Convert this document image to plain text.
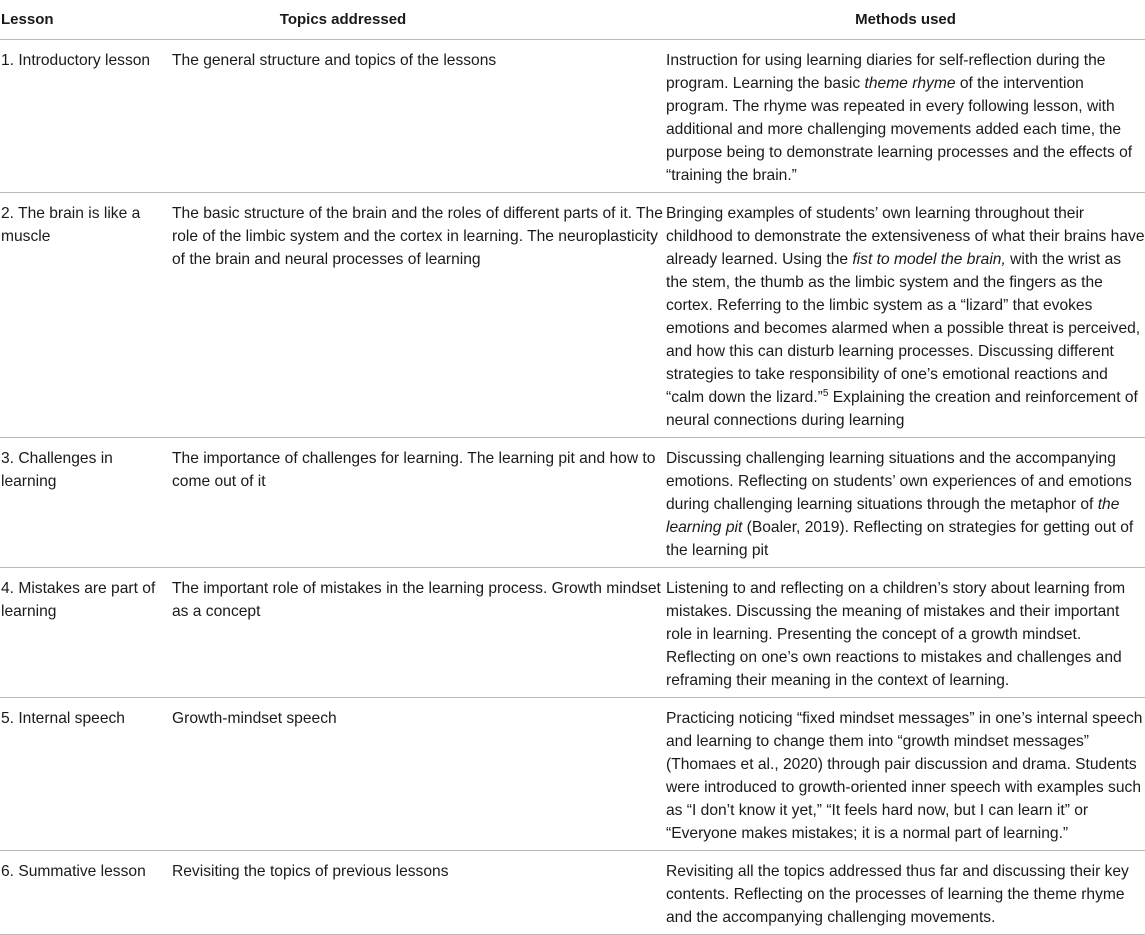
Lesson	Topics addressed	Methods used
1. Introductory lesson	The general structure and topics of the lessons	Instruction for using learning diaries for self-reflection during the program. Learning the basic theme rhyme of the intervention program. The rhyme was repeated in every following lesson, with additional and more challenging movements added each time, the purpose being to demonstrate learning processes and the effects of “training the brain.”
2. The brain is like a muscle	The basic structure of the brain and the roles of different parts of it. The role of the limbic system and the cortex in learning. The neuroplasticity of the brain and neural processes of learning	Bringing examples of students’ own learning throughout their childhood to demonstrate the extensiveness of what their brains have already learned. Using the fist to model the brain, with the wrist as the stem, the thumb as the limbic system and the fingers as the cortex. Referring to the limbic system as a “lizard” that evokes emotions and becomes alarmed when a possible threat is perceived, and how this can disturb learning processes. Discussing different strategies to take responsibility of one’s emotional reactions and “calm down the lizard.”$^5$ Explaining the creation and reinforcement of neural connections during learning
3. Challenges in learning	The importance of challenges for learning. The learning pit and how to come out of it	Discussing challenging learning situations and the accompanying emotions. Reflecting on students’ own experiences of and emotions during challenging learning situations through the metaphor of the learning pit (Boaler, 2019). Reflecting on strategies for getting out of the learning pit
4. Mistakes are part of learning	The important role of mistakes in the learning process. Growth mindset as a concept	Listening to and reflecting on a children’s story about learning from mistakes. Discussing the meaning of mistakes and their important role in learning. Presenting the concept of a growth mindset. Reflecting on one’s own reactions to mistakes and challenges and reframing their meaning in the context of learning.
5. Internal speech	Growth-mindset speech	Practicing noticing “fixed mindset messages” in one’s internal speech and learning to change them into “growth mindset messages” (Thomaes et al., 2020) through pair discussion and drama. Students were introduced to growth-oriented inner speech with examples such as “I don’t know it yet,” “It feels hard now, but I can learn it” or “Everyone makes mistakes; it is a normal part of learning.”
6. Summative lesson	Revisiting the topics of previous lessons	Revisiting all the topics addressed thus far and discussing their key contents. Reflecting on the processes of learning the theme rhyme and the accompanying challenging movements.
